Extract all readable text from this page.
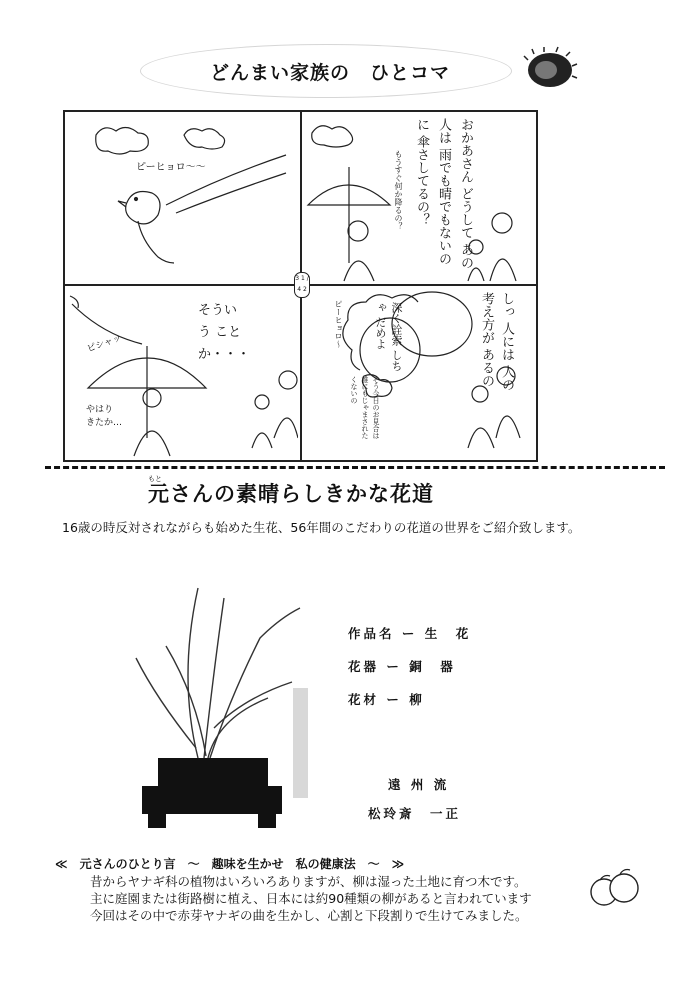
どんまい家族の　ひとコマ
3 1 / 4 2
ピーヒョロ〜〜	おかあさん どうして あの人は 雨でも晴でもないのに 傘さしてるの？
もうすぐ何か降るの？
ピシャッ
やはり きたか…
そういう ことか・・・	しっ 人には 人の考え方が あるの
深く詮索 しちゃ だめよ
ピーヒョロ〜
そう今日のお見合は誰にもじゃまされたくないの
もと
元さんの素晴らしきかな花道
16歳の時反対されながらも始めた生花、56年間のこだわりの花道の世界をご紹介致します。
作品名 ー 生　花
花器 ー 銅　器
花材 ー 柳
遠 州 流
松玲斎　一正
≪　元さんのひとり言　〜　趣味を生かせ　私の健康法　〜　≫
昔からヤナギ科の植物はいろいろありますが、柳は湿った土地に育つ木です。
主に庭園または街路樹に植え、日本には約90種類の柳があると言われています
今回はその中で赤芽ヤナギの曲を生かし、心割と下段割りで生けてみました。
